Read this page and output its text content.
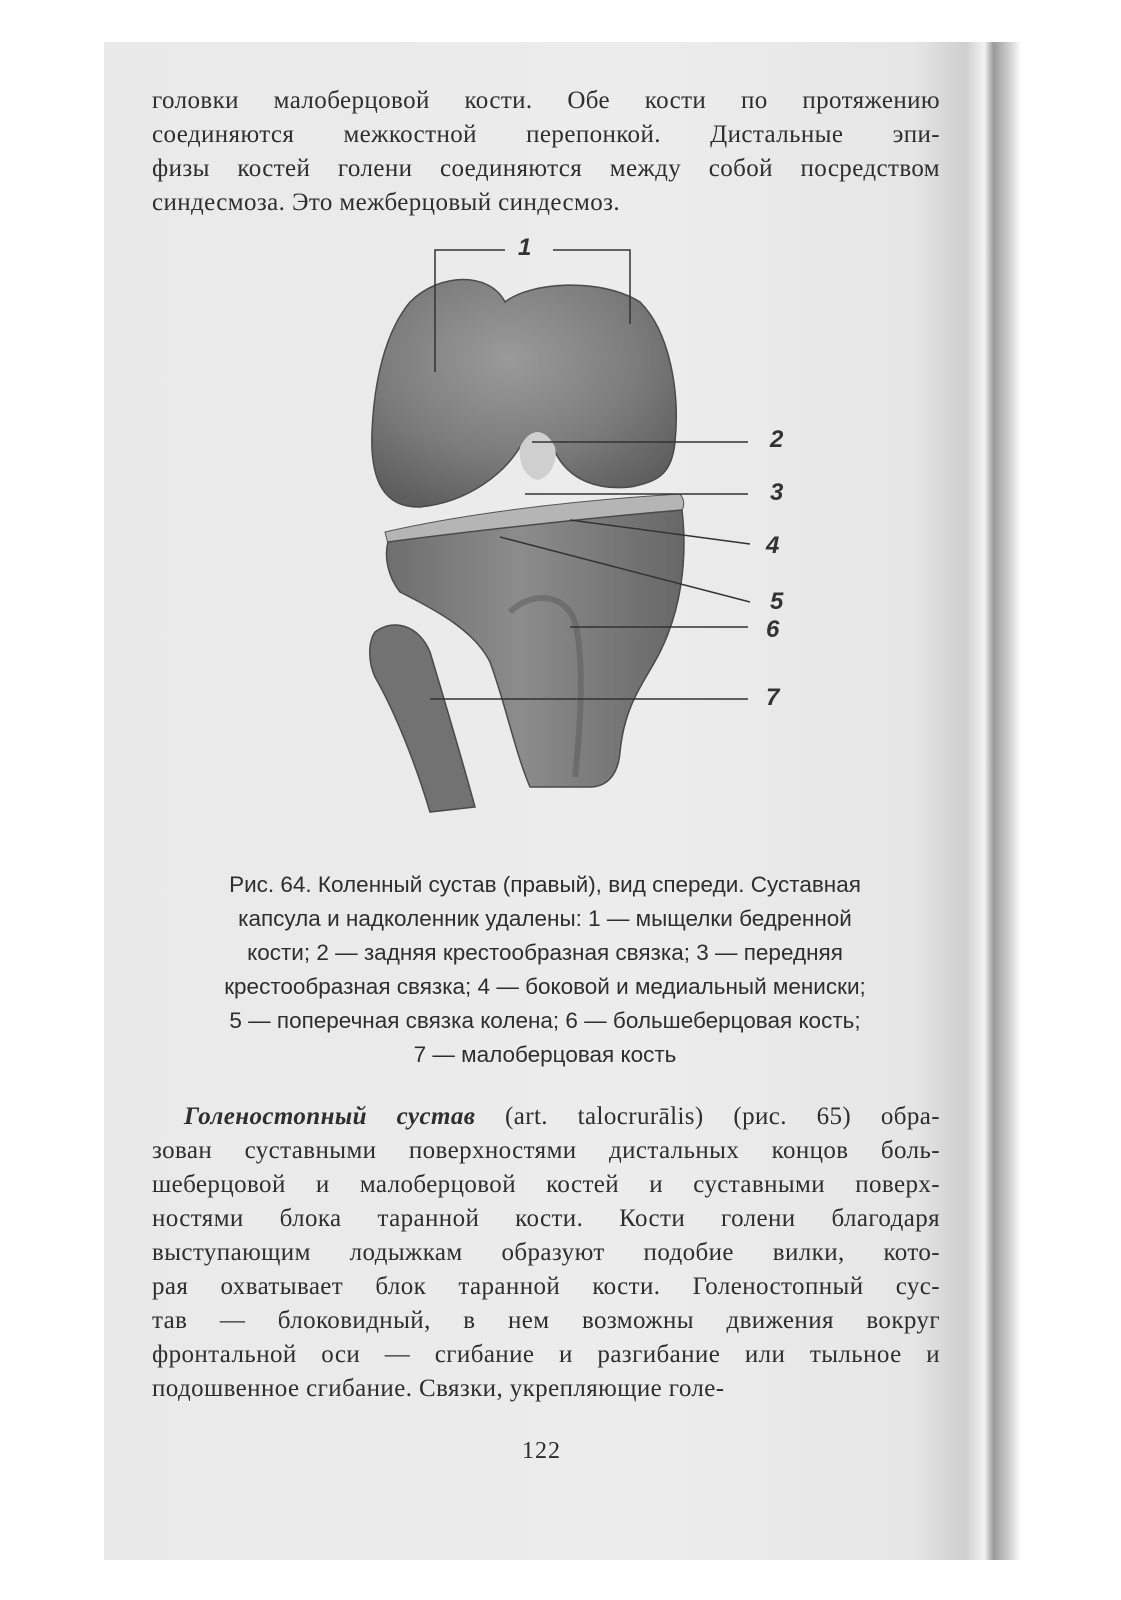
головки малоберцовой кости. Обе кости по протяжению
соединяются межкостной перепонкой. Дистальные эпи-
физы костей голени соединяются между собой посредством
синдесмоза. Это межберцовый синдесмоз.
1
2
3
4
5
6
7
Рис. 64. Коленный сустав (правый), вид спереди. Суставная
капсула и надколенник удалены: 1 — мыщелки бедренной
кости; 2 — задняя крестообразная связка; 3 — передняя
крестообразная связка; 4 — боковой и медиальный мениски;
5 — поперечная связка колена; 6 — большеберцовая кость;
7 — малоберцовая кость
Голеностопный сустав (art. talocrurālis) (рис. 65) обра-
зован суставными поверхностями дистальных концов боль-
шеберцовой и малоберцовой костей и суставными поверх-
ностями блока таранной кости. Кости голени благодаря
выступающим лодыжкам образуют подобие вилки, кото-
рая охватывает блок таранной кости. Голеностопный сус-
тав — блоковидный, в нем возможны движения вокруг
фронтальной оси — сгибание и разгибание или тыльное и
подошвенное сгибание. Связки, укрепляющие голе-
122
